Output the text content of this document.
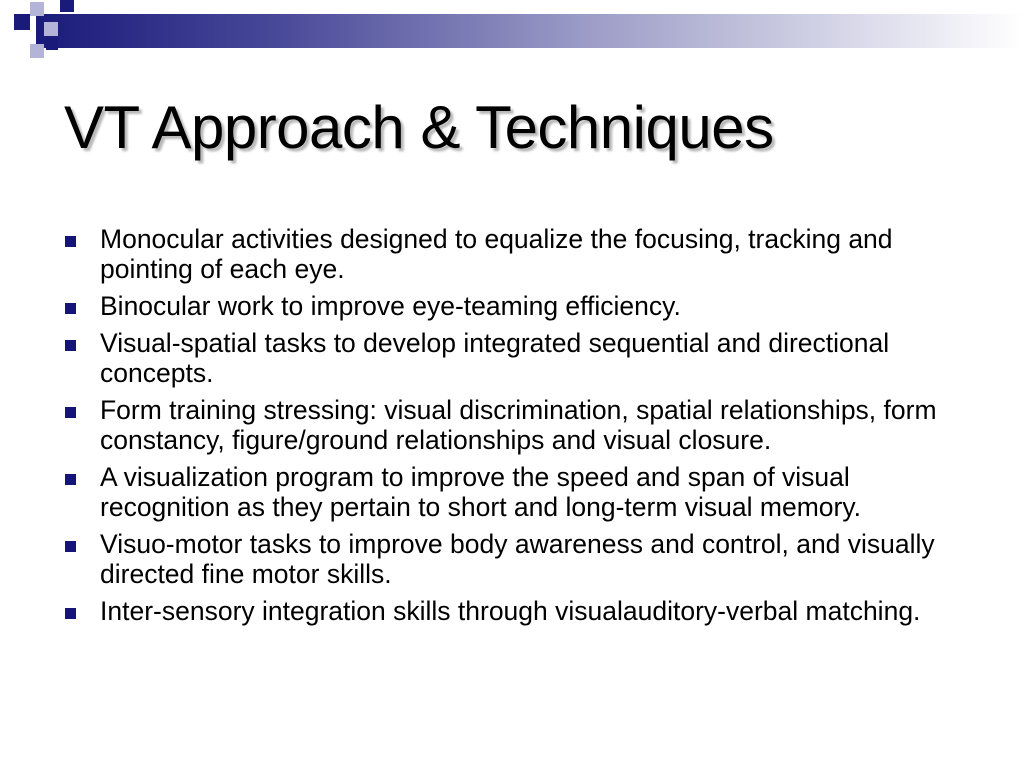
VT Approach & Techniques
Monocular activities designed to equalize the focusing, tracking and pointing of each eye.
Binocular work to improve eye-teaming efficiency.
Visual-spatial tasks to develop integrated sequential and directional concepts.
Form training stressing: visual discrimination, spatial relationships, form constancy, figure/ground relationships and visual closure.
A visualization program to improve the speed and span of visual recognition as they pertain to short and long-term visual memory.
Visuo-motor tasks to improve body awareness and control, and visually directed fine motor skills.
Inter-sensory integration skills through visualauditory-verbal matching.
